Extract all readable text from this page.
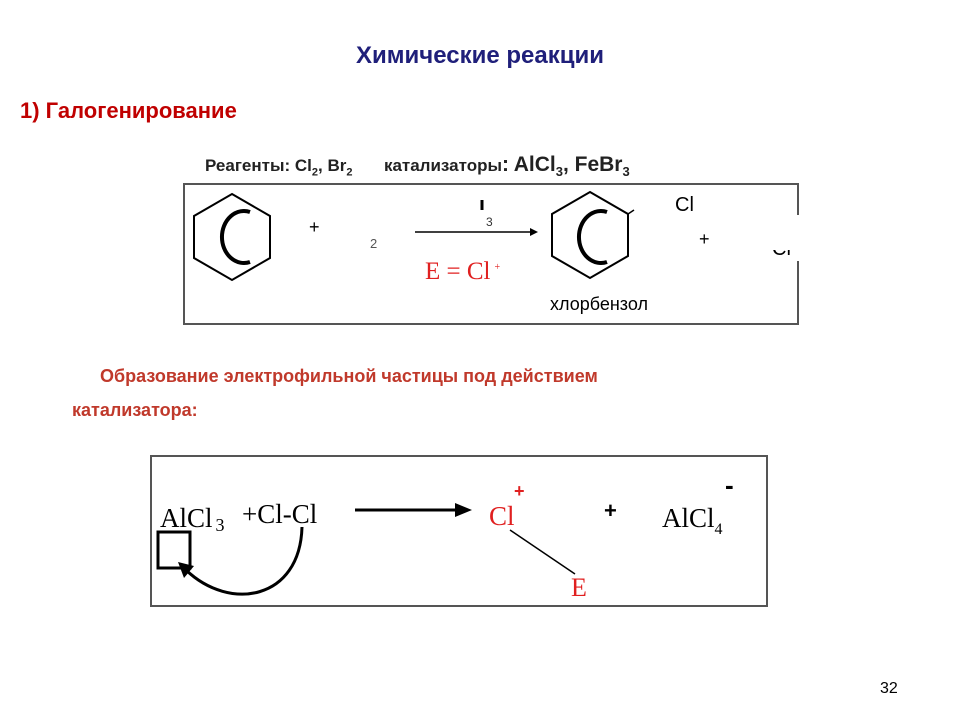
Химические реакции
1) Галогенирование
Реагенты: $Cl_2$, $Br_2$ катализаторы: AlCl$_3$, FeBr$_3$
+
2
3
E = Cl +
Cl
+
хлорбензол
Образование электрофильной частицы под действием
катализатора:
AlCl 3 +Cl-Cl	Cl
+
+ AlCl$_4$
-
E
32
